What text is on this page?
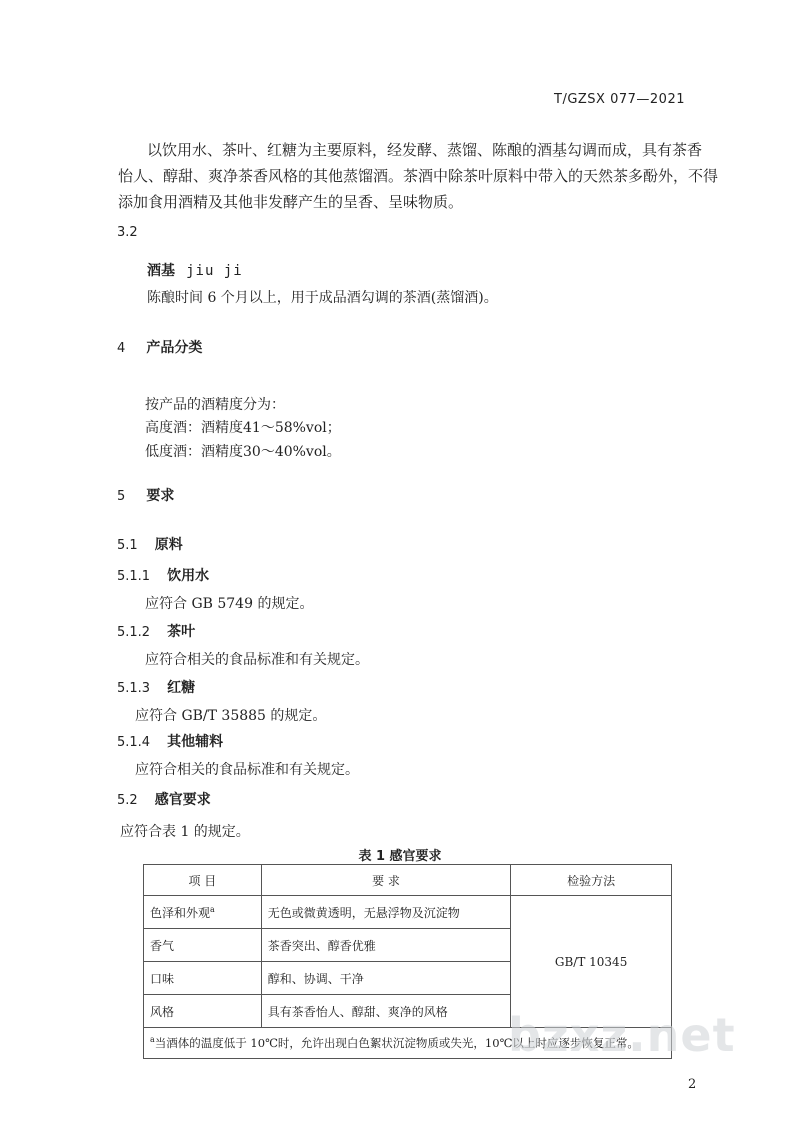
T/GZSX 077—2021
以饮用水、茶叶、红糖为主要原料，经发酵、蒸馏、陈酿的酒基勾调而成，具有茶香
怡人、醇甜、爽净茶香风格的其他蒸馏酒。茶酒中除茶叶原料中带入的天然茶多酚外，不得
添加食用酒精及其他非发酵产生的呈香、呈味物质。
3.2
酒基 jiu ji
陈酿时间 6 个月以上，用于成品酒勾调的茶酒(蒸馏酒)。
4 产品分类
按产品的酒精度分为：
高度酒：酒精度41～58%vol；
低度酒：酒精度30～40%vol。
5 要求
5.1 原料
5.1.1 饮用水
应符合 GB 5749 的规定。
5.1.2 茶叶
应符合相关的食品标准和有关规定。
5.1.3 红糖
应符合 GB/T 35885 的规定。
5.1.4 其他辅料
应符合相关的食品标准和有关规定。
5.2 感官要求
应符合表 1 的规定。
表 1 感官要求
项 目	要 求	检验方法
色泽和外观$^a$	无色或微黄透明，无悬浮物及沉淀物	GB/T 10345
香气	茶香突出、醇香优雅	
口味	醇和、协调、干净	
风格	具有茶香怡人、醇甜、爽净的风格	
$^a$当酒体的温度低于 10℃时，允许出现白色絮状沉淀物质或失光，10℃以上时应逐步恢复正常。		
bzxz.net
2
